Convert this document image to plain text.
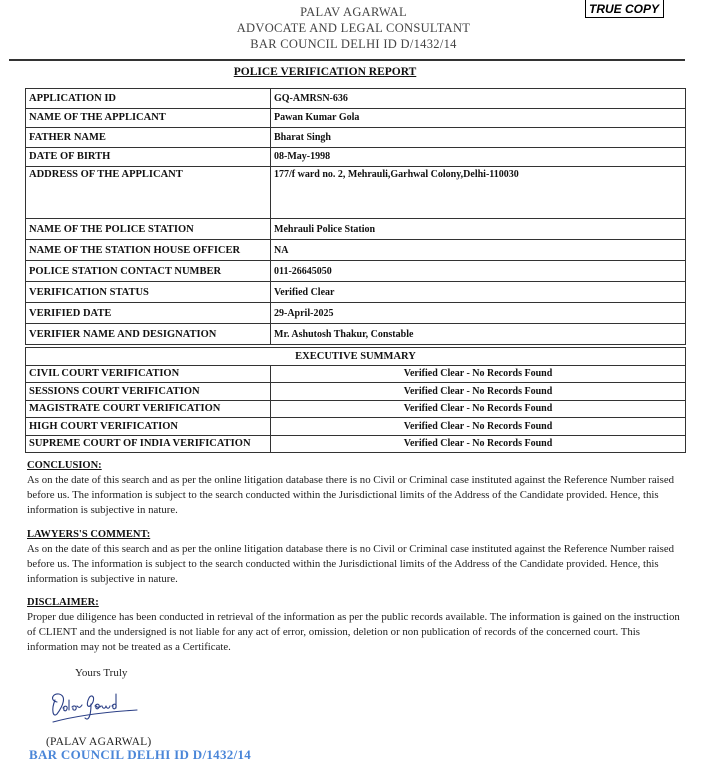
TRUE COPY
PALAV AGARWAL
ADVOCATE AND LEGAL CONSULTANT
BAR COUNCIL DELHI ID D/1432/14
POLICE VERIFICATION REPORT
APPLICATION ID	GQ-AMRSN-636
NAME OF THE APPLICANT	Pawan Kumar Gola
FATHER NAME	Bharat Singh
DATE OF BIRTH	08-May-1998
ADDRESS OF THE APPLICANT	177/f ward no. 2, Mehrauli,Garhwal Colony,Delhi-110030
NAME OF THE POLICE STATION	Mehrauli Police Station
NAME OF THE STATION HOUSE OFFICER	NA
POLICE STATION CONTACT NUMBER	011-26645050
VERIFICATION STATUS	Verified Clear
VERIFIED DATE	29-April-2025
VERIFIER NAME AND DESIGNATION	Mr. Ashutosh Thakur, Constable
EXECUTIVE SUMMARY	
CIVIL COURT VERIFICATION	Verified Clear - No Records Found
SESSIONS COURT VERIFICATION	Verified Clear - No Records Found
MAGISTRATE COURT VERIFICATION	Verified Clear - No Records Found
HIGH COURT VERIFICATION	Verified Clear - No Records Found
SUPREME COURT OF INDIA VERIFICATION	Verified Clear - No Records Found
CONCLUSION:
As on the date of this search and as per the online litigation database there is no Civil or Criminal case instituted against the Reference Number raised before us. The information is subject to the search conducted within the Jurisdictional limits of the Address of the Candidate provided. Hence, this information is subjective in nature.
LAWYERS'S COMMENT:
As on the date of this search and as per the online litigation database there is no Civil or Criminal case instituted against the Reference Number raised before us. The information is subject to the search conducted within the Jurisdictional limits of the Address of the Candidate provided. Hence, this information is subjective in nature.
DISCLAIMER:
Proper due diligence has been conducted in retrieval of the information as per the public records available. The information is gained on the instruction of CLIENT and the undersigned is not liable for any act of error, omission, deletion or non publication of records of the concerned court. This information may not be treated as a Certificate.
Yours Truly
(PALAV AGARWAL)
BAR COUNCIL DELHI ID D/1432/14
